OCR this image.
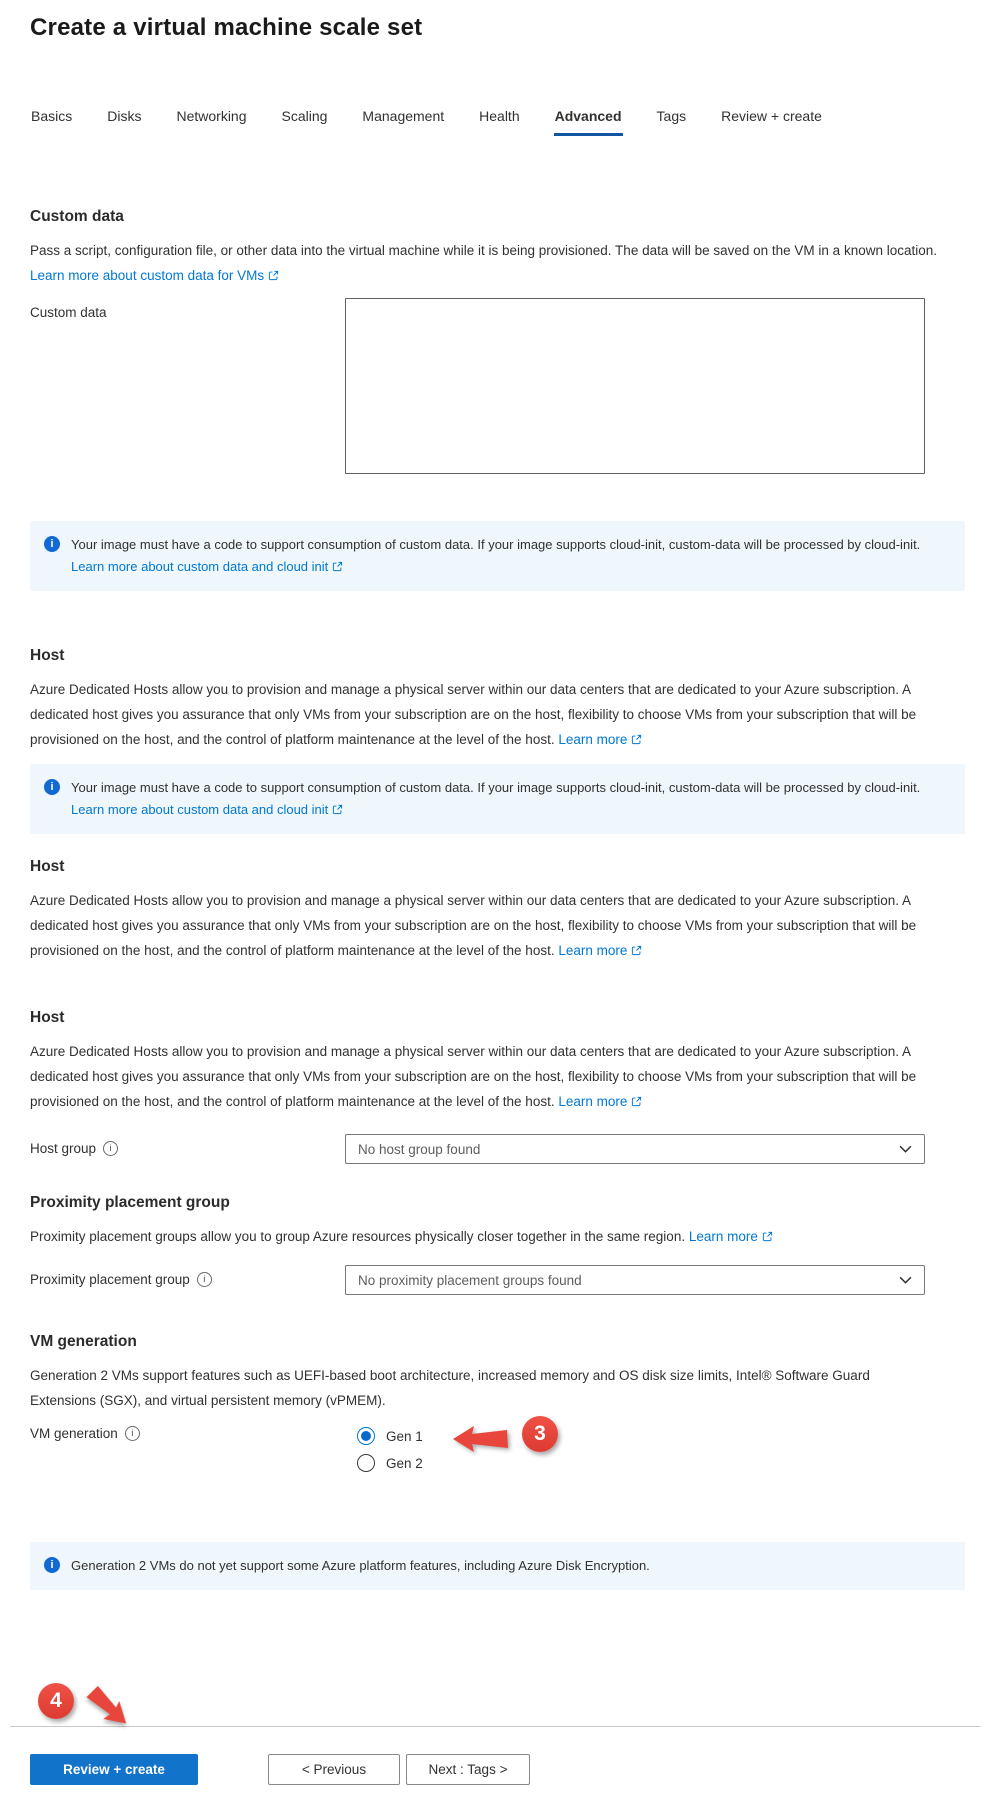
Create a virtual machine scale set
Basics	Disks	Networking	Scaling	Management	Health	Advanced	Tags	Review + create
Custom data

Pass a script, configuration file, or other data into the virtual machine while it is being provisioned. The data will be saved on the VM in a known location. Learn more about custom data for VMs

Custom data
i	Your image must have a code to support consumption of custom data. If your image supports cloud-init, custom-data will be processed by cloud-init. Learn more about custom data and cloud init
Host

Azure Dedicated Hosts allow you to provision and manage a physical server within our data centers that are dedicated to your Azure subscription. A dedicated host gives you assurance that only VMs from your subscription are on the host, flexibility to choose VMs from your subscription that will be provisioned on the host, and the control of platform maintenance at the level of the host. Learn more

i	Your image must have a code to support consumption of custom data. If your image supports cloud-init, custom-data will be processed by cloud-init. Learn more about custom data and cloud init
Host

Azure Dedicated Hosts allow you to provision and manage a physical server within our data centers that are dedicated to your Azure subscription. A dedicated host gives you assurance that only VMs from your subscription are on the host, flexibility to choose VMs from your subscription that will be provisioned on the host, and the control of platform maintenance at the level of the host. Learn more

Host

Azure Dedicated Hosts allow you to provision and manage a physical server within our data centers that are dedicated to your Azure subscription. A dedicated host gives you assurance that only VMs from your subscription are on the host, flexibility to choose VMs from your subscription that will be provisioned on the host, and the control of platform maintenance at the level of the host. Learn more

Host group	i	No host group found
Proximity placement group

Proximity placement groups allow you to group Azure resources physically closer together in the same region. Learn more

Proximity placement group	i	No proximity placement groups found
VM generation

Generation 2 VMs support features such as UEFI-based boot architecture, increased memory and OS disk size limits, Intel® Software Guard Extensions (SGX), and virtual persistent memory (vPMEM).

VM generation	i	Gen 1
Gen 2
3
i	Generation 2 VMs do not yet support some Azure platform features, including Azure Disk Encryption.
4
Review + create	< Previous	Next : Tags >
